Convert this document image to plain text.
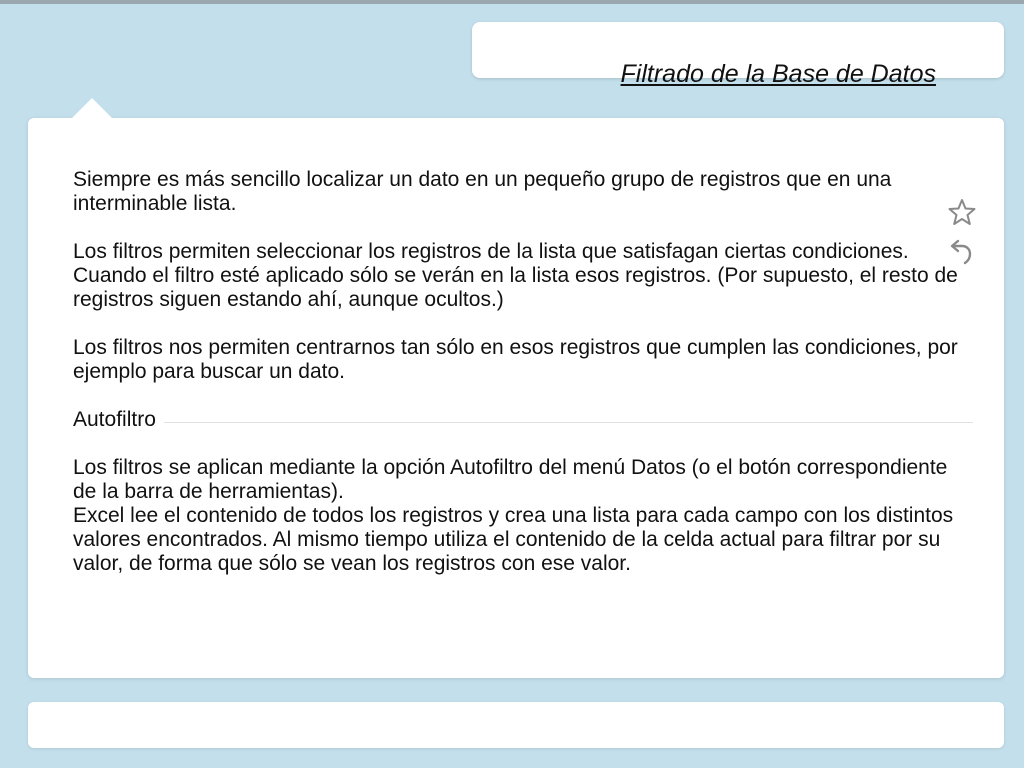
Filtrado de la Base de Datos

Siempre es más sencillo localizar un dato en un pequeño grupo de registros que en una interminable lista.

Los filtros permiten seleccionar los registros de la lista que satisfagan ciertas condiciones. Cuando el filtro esté aplicado sólo se verán en la lista esos registros. (Por supuesto, el resto de registros siguen estando ahí, aunque ocultos.)

Los filtros nos permiten centrarnos tan sólo en esos registros que cumplen las condiciones, por ejemplo para buscar un dato.

Autofiltro

Los filtros se aplican mediante la opción Autofiltro del menú Datos (o el botón correspondiente de la barra de herramientas).

Excel lee el contenido de todos los registros y crea una lista para cada campo con los distintos valores encontrados. Al mismo tiempo utiliza el contenido de la celda actual para filtrar por su valor, de forma que sólo se vean los registros con ese valor.
